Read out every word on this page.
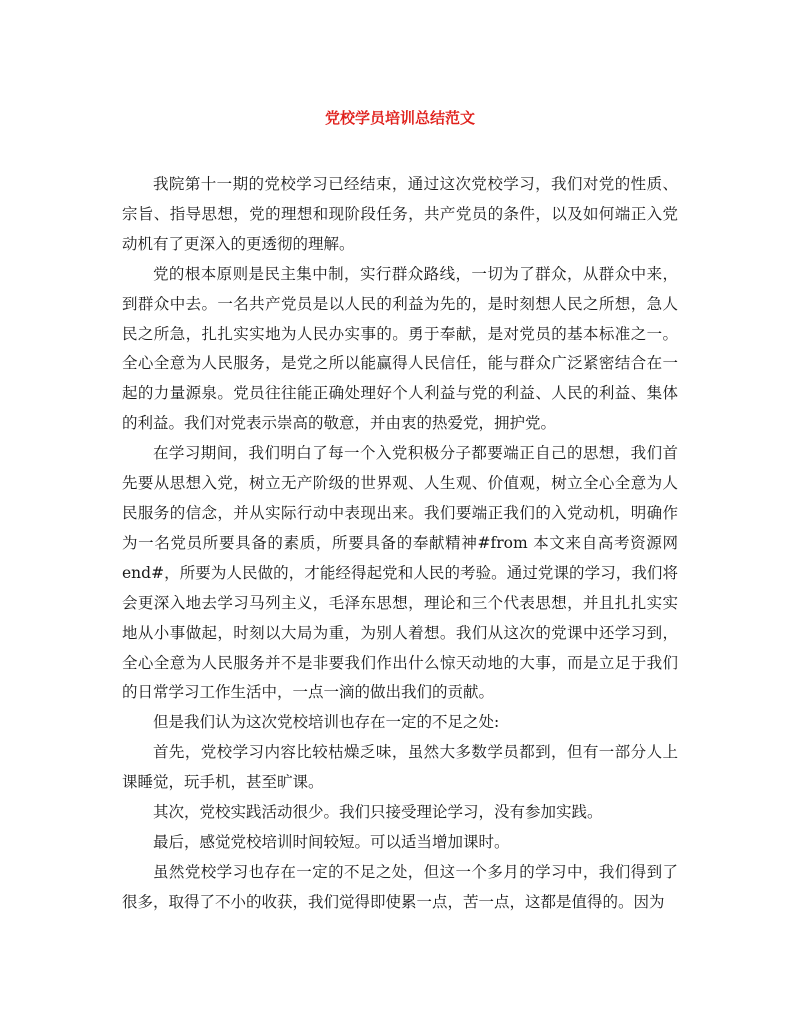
党校学员培训总结范文

我院第十一期的党校学习已经结束，通过这次党校学习，我们对党的性质、宗旨、指导思想，党的理想和现阶段任务，共产党员的条件，以及如何端正入党动机有了更深入的更透彻的理解。

党的根本原则是民主集中制，实行群众路线，一切为了群众，从群众中来，到群众中去。一名共产党员是以人民的利益为先的，是时刻想人民之所想，急人民之所急，扎扎实实地为人民办实事的。勇于奉献，是对党员的基本标准之一。全心全意为人民服务，是党之所以能赢得人民信任，能与群众广泛紧密结合在一起的力量源泉。党员往往能正确处理好个人利益与党的利益、人民的利益、集体的利益。我们对党表示崇高的敬意，并由衷的热爱党，拥护党。

在学习期间，我们明白了每一个入党积极分子都要端正自己的思想，我们首先要从思想入党，树立无产阶级的世界观、人生观、价值观，树立全心全意为人民服务的信念，并从实际行动中表现出来。我们要端正我们的入党动机，明确作为一名党员所要具备的素质，所要具备的奉献精神#from 本文来自高考资源网 end#，所要为人民做的，才能经得起党和人民的考验。通过党课的学习，我们将会更深入地去学习马列主义，毛泽东思想，理论和三个代表思想，并且扎扎实实地从小事做起，时刻以大局为重，为别人着想。我们从这次的党课中还学习到，全心全意为人民服务并不是非要我们作出什么惊天动地的大事，而是立足于我们的日常学习工作生活中，一点一滴的做出我们的贡献。

但是我们认为这次党校培训也存在一定的不足之处:

首先，党校学习内容比较枯燥乏味，虽然大多数学员都到，但有一部分人上课睡觉，玩手机，甚至旷课。

其次，党校实践活动很少。我们只接受理论学习，没有参加实践。

最后，感觉党校培训时间较短。可以适当增加课时。

虽然党校学习也存在一定的不足之处，但这一个多月的学习中，我们得到了很多，取得了不小的收获，我们觉得即使累一点，苦一点，这都是值得的。因为
